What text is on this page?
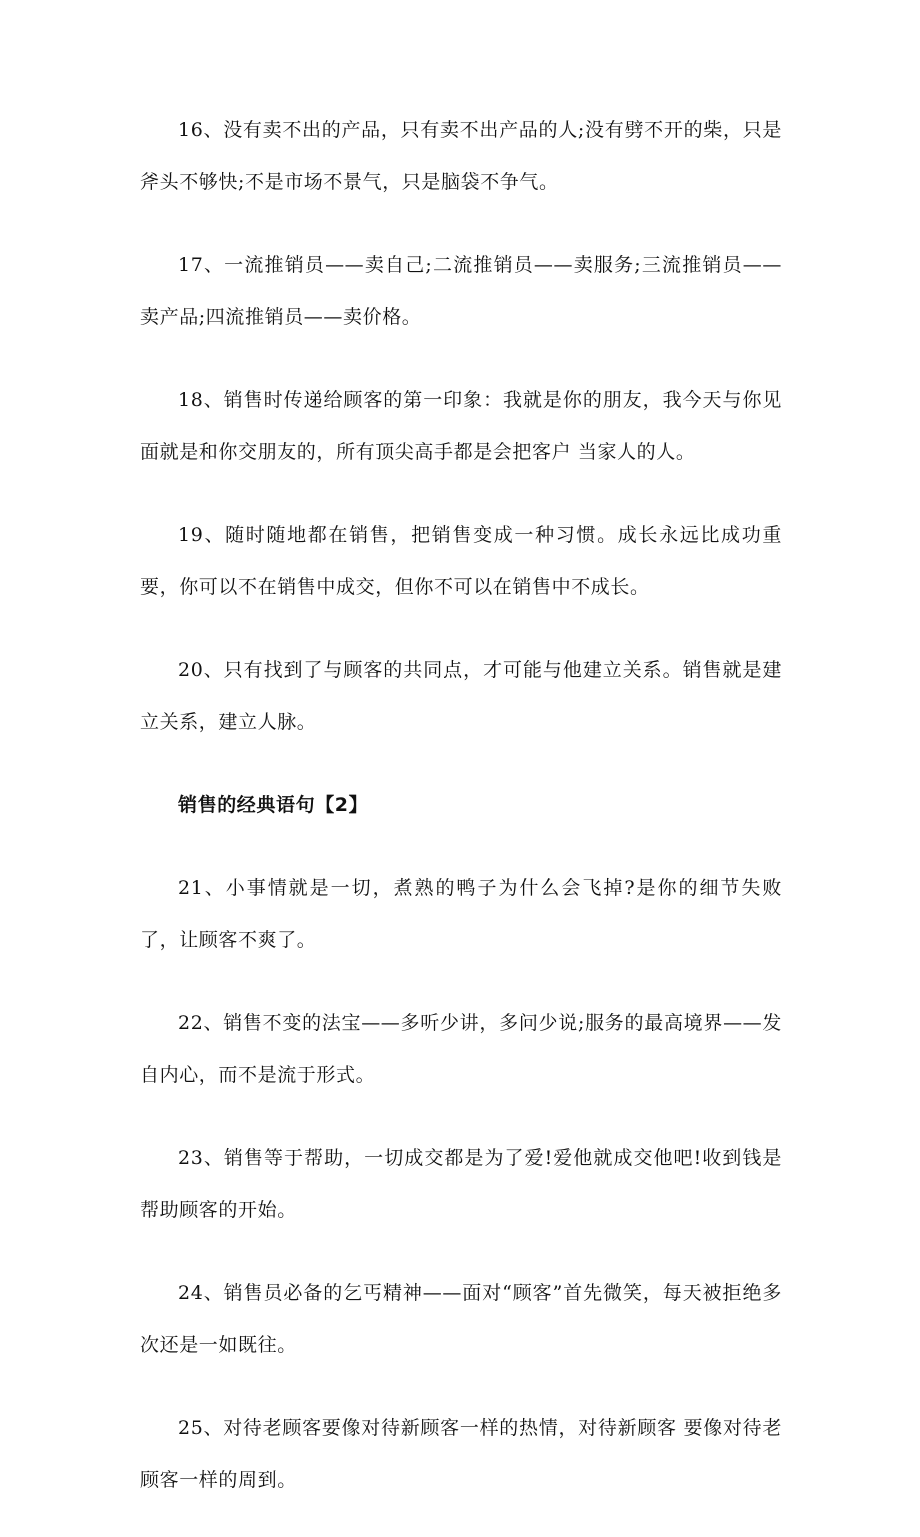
16、没有卖不出的产品，只有卖不出产品的人;没有劈不开的柴，只是斧头不够快;不是市场不景气，只是脑袋不争气。

17、一流推销员——卖自己;二流推销员——卖服务;三流推销员——卖产品;四流推销员——卖价格。

18、销售时传递给顾客的第一印象：我就是你的朋友，我今天与你见面就是和你交朋友的，所有顶尖高手都是会把客户 当家人的人。

19、随时随地都在销售，把销售变成一种习惯。成长永远比成功重要，你可以不在销售中成交，但你不可以在销售中不成长。

20、只有找到了与顾客的共同点，才可能与他建立关系。销售就是建立关系，建立人脉。

销售的经典语句【2】

21、小事情就是一切，煮熟的鸭子为什么会飞掉?是你的细节失败了，让顾客不爽了。

22、销售不变的法宝——多听少讲，多问少说;服务的最高境界——发自内心，而不是流于形式。

23、销售等于帮助，一切成交都是为了爱!爱他就成交他吧!收到钱是帮助顾客的开始。

24、销售员必备的乞丐精神——面对“顾客”首先微笑，每天被拒绝多次还是一如既往。

25、对待老顾客要像对待新顾客一样的热情，对待新顾客 要像对待老顾客一样的周到。
